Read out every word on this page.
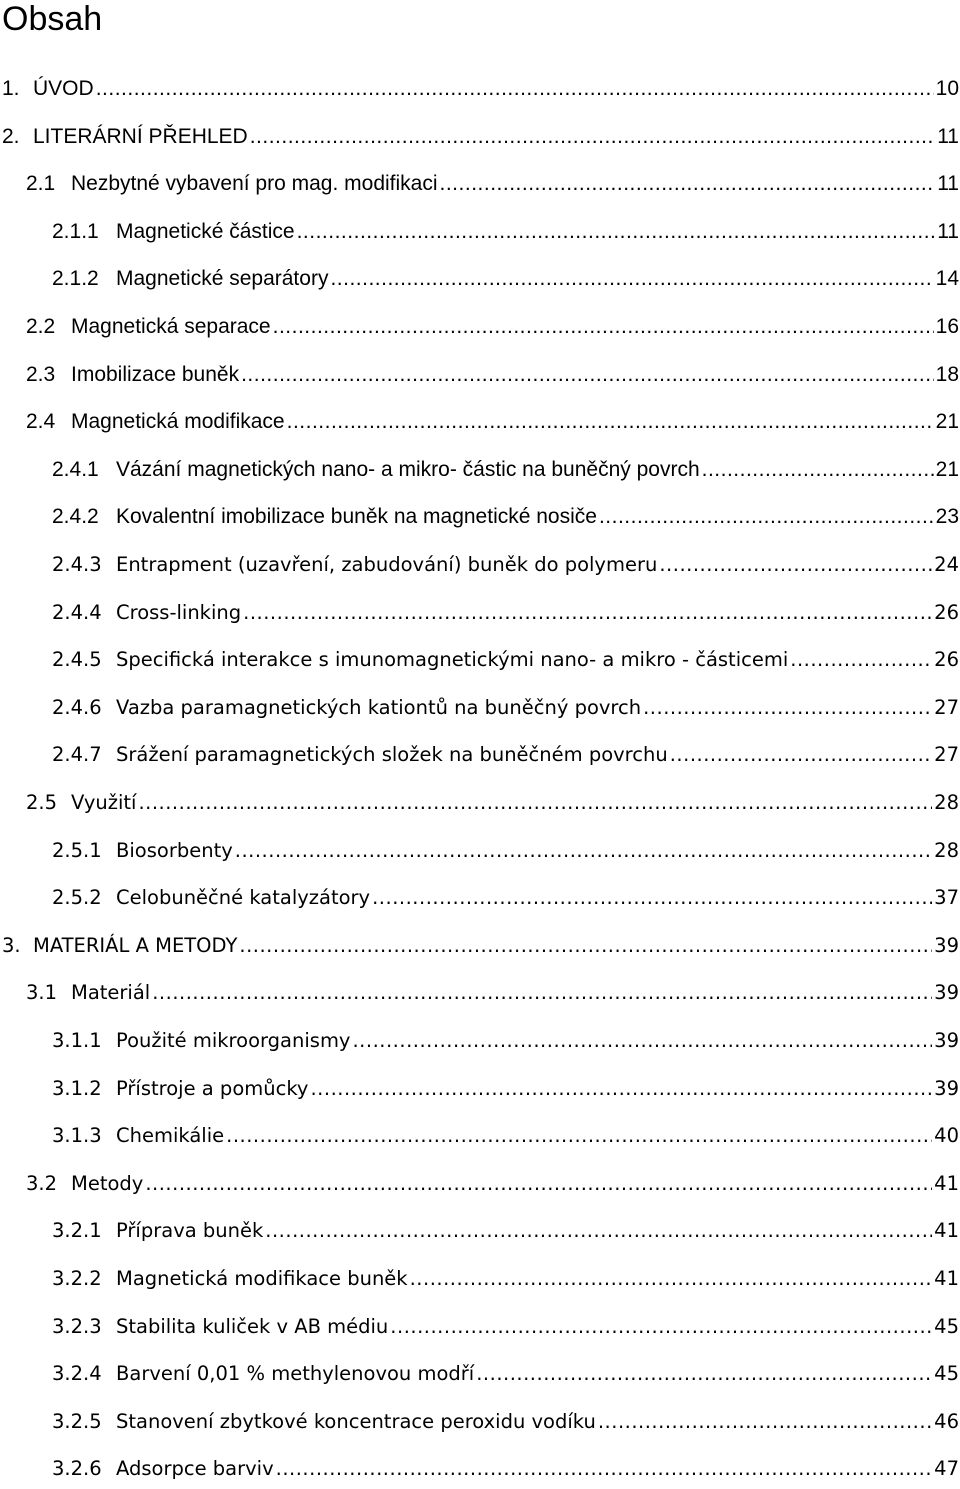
Obsah
1. ÚVOD .....	10
2. LITERÁRNÍ PŘEHLED .....	11
2.1 Nezbytné vybavení pro mag. modifikaci .....	11
2.1.1 Magnetické částice .....	11
2.1.2 Magnetické separátory .....	14
2.2 Magnetická separace .....	16
2.3 Imobilizace buněk .....	18
2.4 Magnetická modifikace .....	21
2.4.1 Vázání magnetických nano- a mikro- částic na buněčný povrch .....	21
2.4.2 Kovalentní imobilizace buněk na magnetické nosiče .....	23
2.4.3 Entrapment (uzavření, zabudování) buněk do polymeru .....	24
2.4.4 Cross-linking .....	26
2.4.5 Specifická interakce s imunomagnetickými nano- a mikro - částicemi .....	26
2.4.6 Vazba paramagnetických kationtů na buněčný povrch .....	27
2.4.7 Srážení paramagnetických složek na buněčném povrchu .....	27
2.5 Využití .....	28
2.5.1 Biosorbenty .....	28
2.5.2 Celobuněčné katalyzátory .....	37
3. MATERIÁL A METODY .....	39
3.1 Materiál .....	39
3.1.1 Použité mikroorganismy .....	39
3.1.2 Přístroje a pomůcky .....	39
3.1.3 Chemikálie .....	40
3.2 Metody .....	41
3.2.1 Příprava buněk .....	41
3.2.2 Magnetická modifikace buněk .....	41
3.2.3 Stabilita kuliček v AB médiu .....	45
3.2.4 Barvení 0,01 % methylenovou modří .....	45
3.2.5 Stanovení zbytkové koncentrace peroxidu vodíku .....	46
3.2.6 Adsorpce barviv .....	47
